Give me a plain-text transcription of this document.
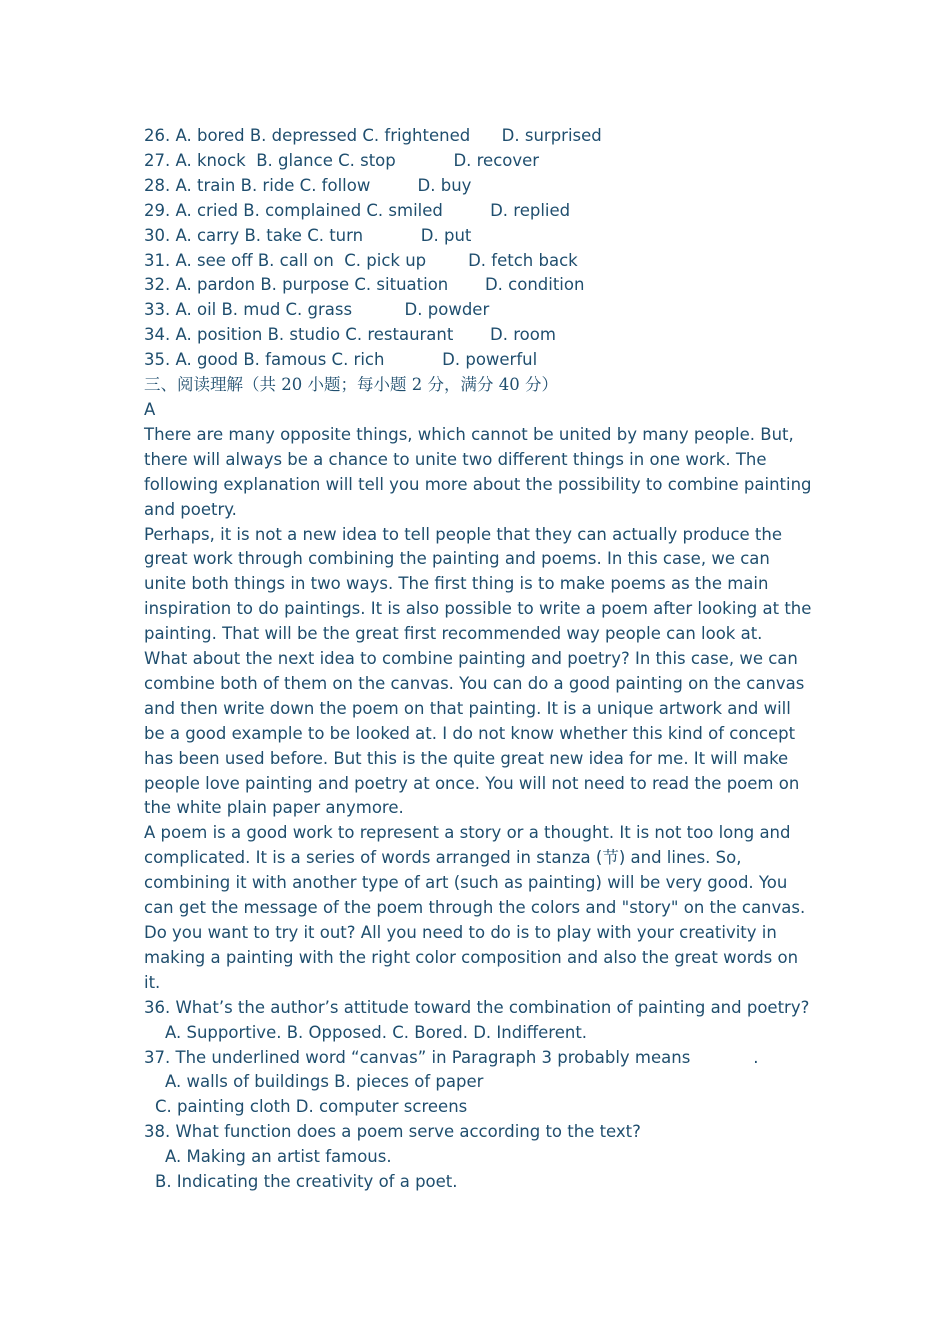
26. A. bored B. depressed C. frightened      D. surprised
27. A. knock  B. glance C. stop           D. recover
28. A. train B. ride C. follow         D. buy
29. A. cried B. complained C. smiled         D. replied
30. A. carry B. take C. turn           D. put
31. A. see off B. call on  C. pick up        D. fetch back
32. A. pardon B. purpose C. situation       D. condition
33. A. oil B. mud C. grass          D. powder
34. A. position B. studio C. restaurant       D. room
35. A. good B. famous C. rich           D. powerful
三、阅读理解（共 20 小题；每小题 2 分，满分 40 分）
A

There are many opposite things, which cannot be united by many people. But, there will always be a chance to unite two different things in one work. The following explanation will tell you more about the possibility to combine painting and poetry.

Perhaps, it is not a new idea to tell people that they can actually produce the great work through combining the painting and poems. In this case, we can unite both things in two ways. The first thing is to make poems as the main inspiration to do paintings. It is also possible to write a poem after looking at the painting. That will be the great first recommended way people can look at.

What about the next idea to combine painting and poetry? In this case, we can combine both of them on the canvas. You can do a good painting on the canvas and then write down the poem on that painting. It is a unique artwork and will be a good example to be looked at. I do not know whether this kind of concept has been used before. But this is the quite great new idea for me. It will make people love painting and poetry at once. You will not need to read the poem on the white plain paper anymore.

A poem is a good work to represent a story or a thought. It is not too long and complicated. It is a series of words arranged in stanza (节) and lines. So, combining it with another type of art (such as painting) will be very good. You can get the message of the poem through the colors and "story" on the canvas. Do you want to try it out? All you need to do is to play with your creativity in making a painting with the right color composition and also the great words on it.

36. What’s the author’s attitude toward the combination of painting and poetry?

A. Supportive. B. Opposed. C. Bored. D. Indifferent.
37. The underlined word “canvas” in Paragraph 3 probably means            .
A. walls of buildings B. pieces of paper
C. painting cloth D. computer screens
38. What function does a poem serve according to the text?
A. Making an artist famous.
B. Indicating the creativity of a poet.
